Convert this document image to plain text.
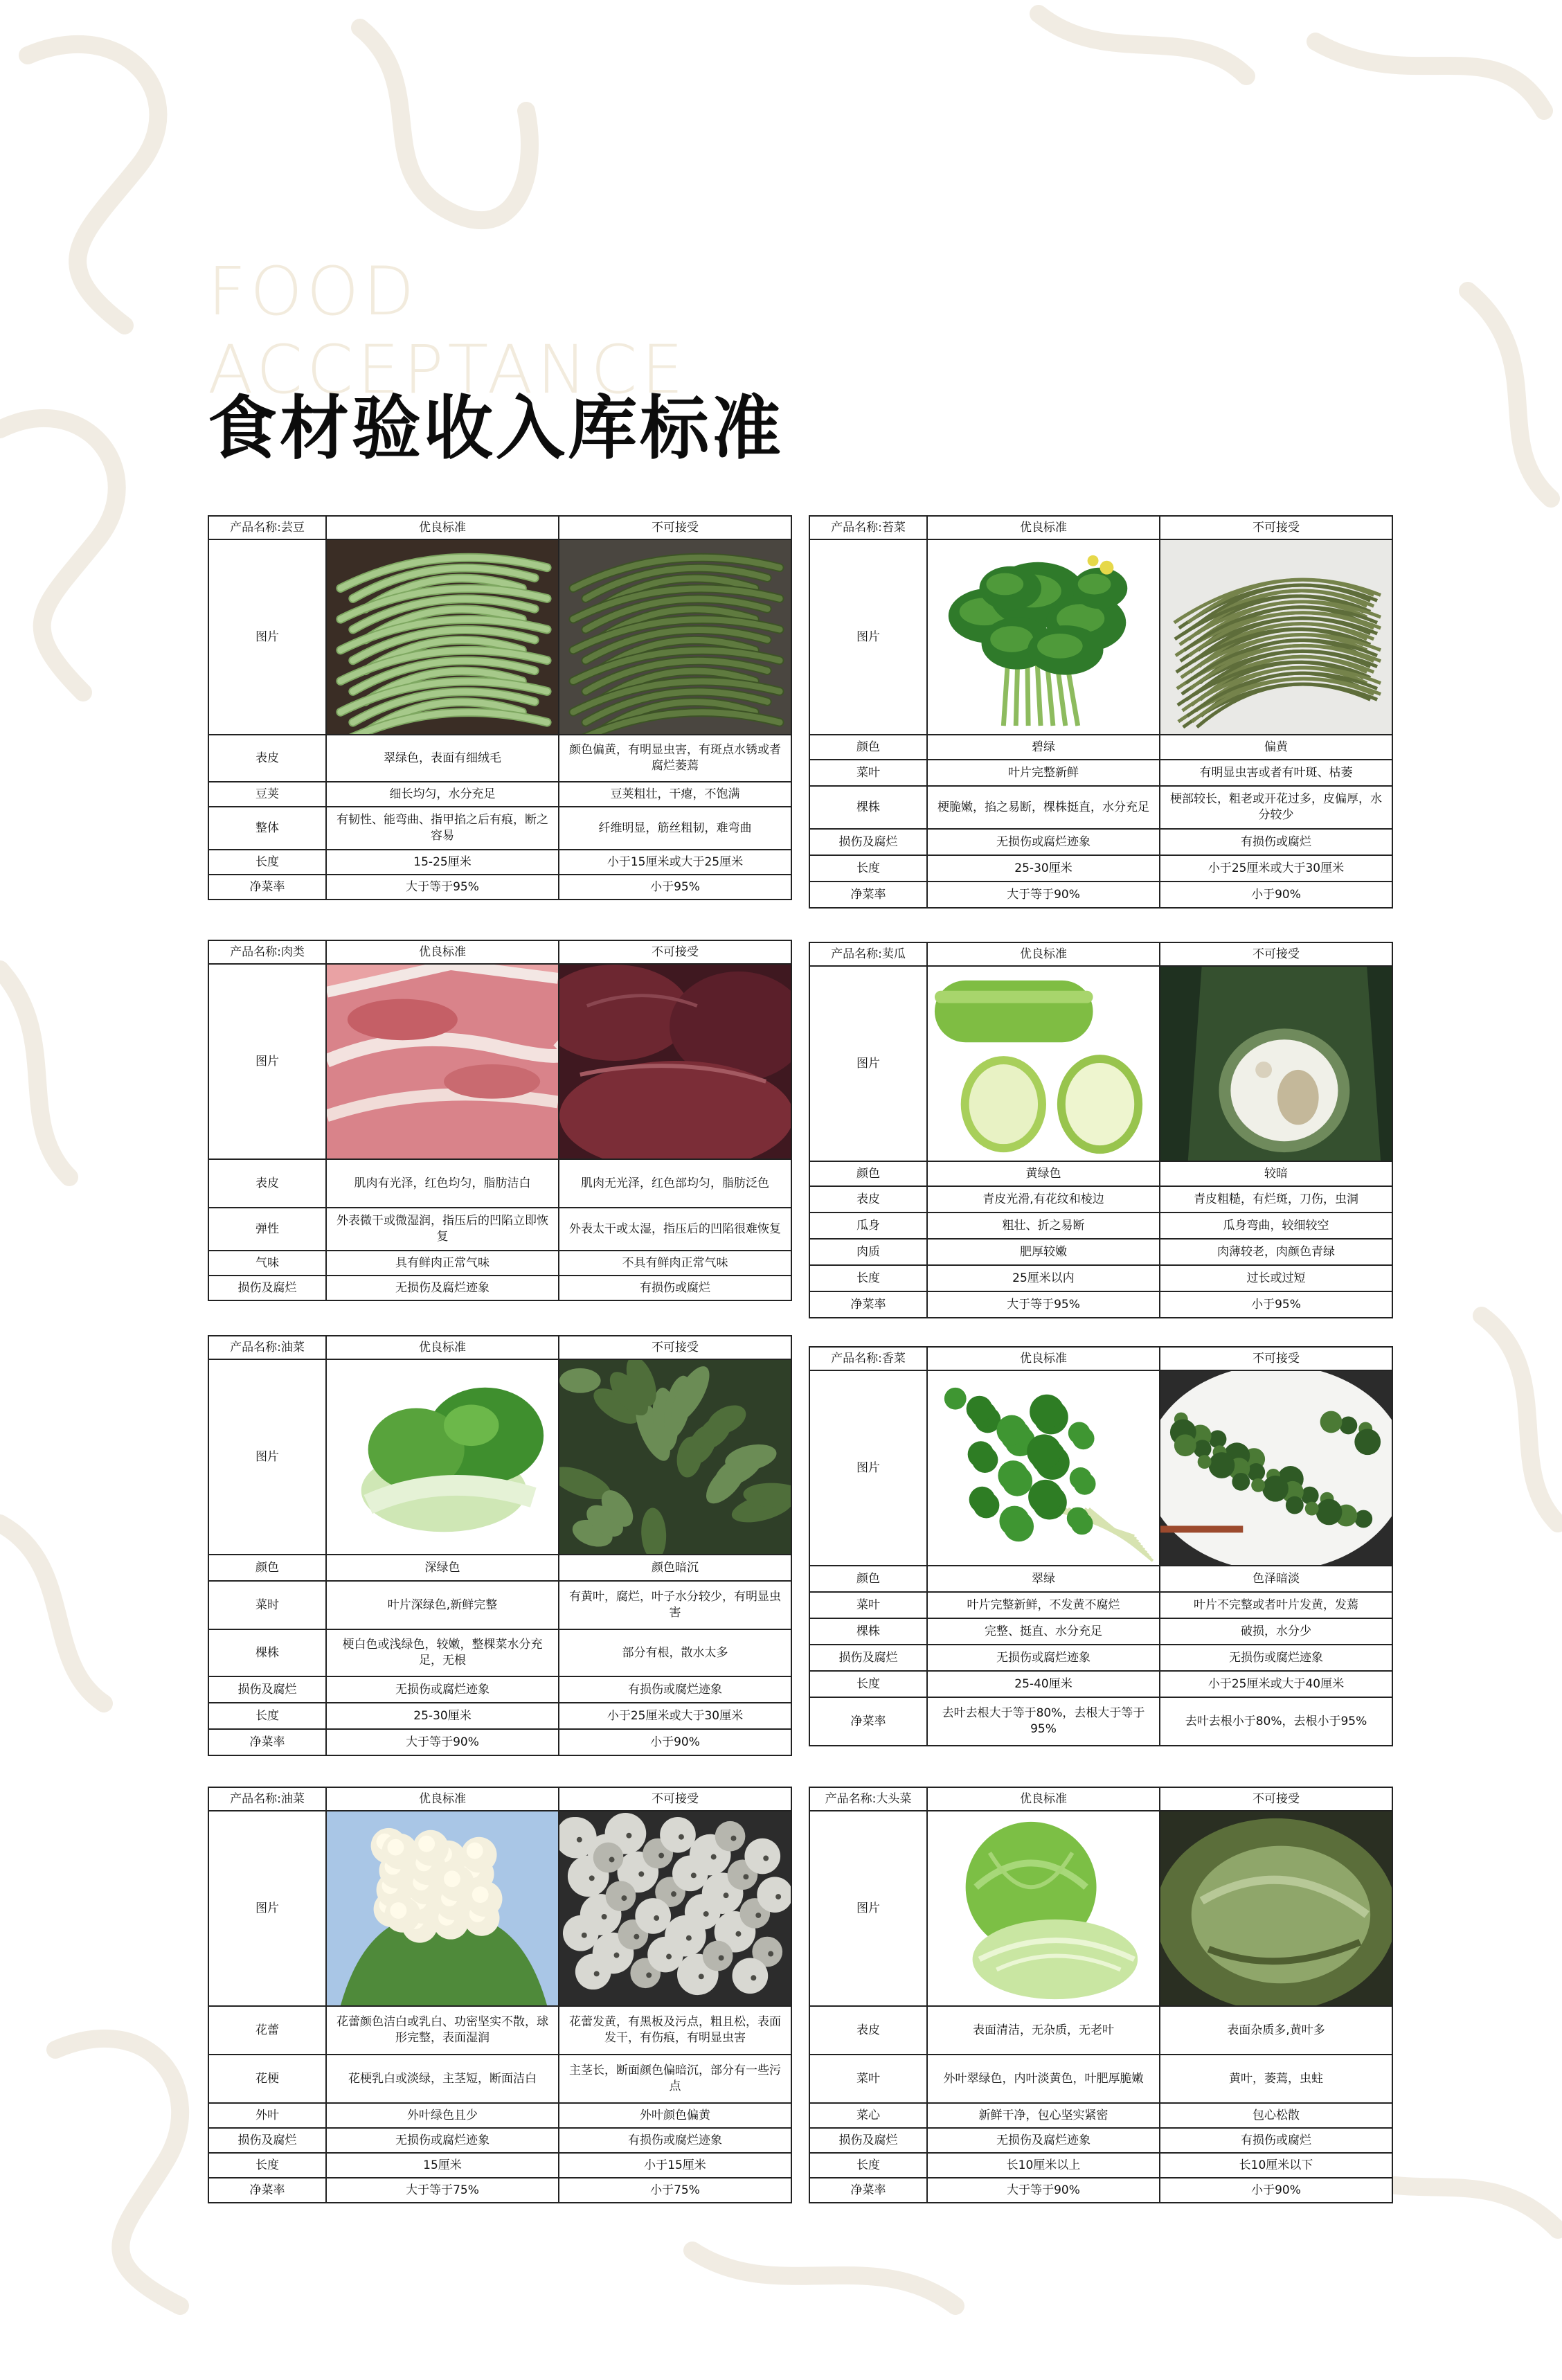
FOOD
ACCEPTANCE
食材验收入库标准
产品名称:芸豆	优良标准	不可接受
图片	

表皮	翠绿色，表面有细绒毛	颜色偏黄，有明显虫害，有斑点水锈或者腐烂萎蔫
豆荚	细长均匀，水分充足	豆荚粗壮，干瘪，不饱满
整体	有韧性、能弯曲、指甲掐之后有痕，断之容易	纤维明显，筋丝粗韧，难弯曲
长度	15-25厘米	小于15厘米或大于25厘米
净菜率	大于等于95%	小于95%
产品名称:苔菜	优良标准	不可接受
图片	

颜色	碧绿	偏黄
菜叶	叶片完整新鲜	有明显虫害或者有叶斑、枯萎
棵株	梗脆嫩，掐之易断，棵株挺直，水分充足	梗部较长，粗老或开花过多，皮偏厚，水分较少
损伤及腐烂	无损伤或腐烂迹象	有损伤或腐烂
长度	25-30厘米	小于25厘米或大于30厘米
净菜率	大于等于90%	小于90%
产品名称:肉类	优良标准	不可接受
图片	

表皮	肌肉有光泽，红色均匀，脂肪洁白	肌肉无光泽，红色部均匀，脂肪泛色
弹性	外表微干或微湿润，指压后的凹陷立即恢复	外表太干或太湿，指压后的凹陷很难恢复
气味	具有鲜肉正常气味	不具有鲜肉正常气味
损伤及腐烂	无损伤及腐烂迹象	有损伤或腐烂
产品名称:荬瓜	优良标准	不可接受
图片	

颜色	黄绿色	较暗
表皮	青皮光滑,有花纹和棱边	青皮粗糙，有烂斑，刀伤，虫洞
瓜身	粗壮、折之易断	瓜身弯曲，较细较空
肉质	肥厚较嫩	肉薄较老，肉颜色青绿
长度	25厘米以内	过长或过短
净菜率	大于等于95%	小于95%
产品名称:油菜	优良标准	不可接受
图片	

颜色	深绿色	颜色暗沉
菜时	叶片深绿色,新鲜完整	有黄叶，腐烂，叶子水分较少，有明显虫害
棵株	梗白色或浅绿色，较嫩，整棵菜水分充足，无根	部分有根，散水太多
损伤及腐烂	无损伤或腐烂迹象	有损伤或腐烂迹象
长度	25-30厘米	小于25厘米或大于30厘米
净菜率	大于等于90%	小于90%
产品名称:香菜	优良标准	不可接受
图片	

颜色	翠绿	色泽暗淡
菜叶	叶片完整新鲜，不发黄不腐烂	叶片不完整或者叶片发黄，发蔫
棵株	完整、挺直、水分充足	破损，水分少
损伤及腐烂	无损伤或腐烂迹象	无损伤或腐烂迹象
长度	25-40厘米	小于25厘米或大于40厘米
净菜率	去叶去根大于等于80%，去根大于等于95%	去叶去根小于80%，去根小于95%
产品名称:油菜	优良标准	不可接受
图片	

花蕾	花蕾颜色洁白或乳白、功密坚实不散，球形完整，表面湿润	花蕾发黄，有黑板及污点，粗且松，表面发干，有伤痕，有明显虫害
花梗	花梗乳白或淡绿，主茎短，断面洁白	主茎长，断面颜色偏暗沉，部分有一些污点
外叶	外叶绿色且少	外叶颜色偏黄
损伤及腐烂	无损伤或腐烂迹象	有损伤或腐烂迹象
长度	15厘米	小于15厘米
净菜率	大于等于75%	小于75%
产品名称:大头菜	优良标准	不可接受
图片	

表皮	表面清洁，无杂质，无老叶	表面杂质多,黄叶多
菜叶	外叶翠绿色，内叶淡黄色，叶肥厚脆嫩	黄叶，萎蔫，虫蛀
菜心	新鲜干净，包心坚实紧密	包心松散
损伤及腐烂	无损伤及腐烂迹象	有损伤或腐烂
长度	长10厘米以上	长10厘米以下
净菜率	大于等于90%	小于90%
